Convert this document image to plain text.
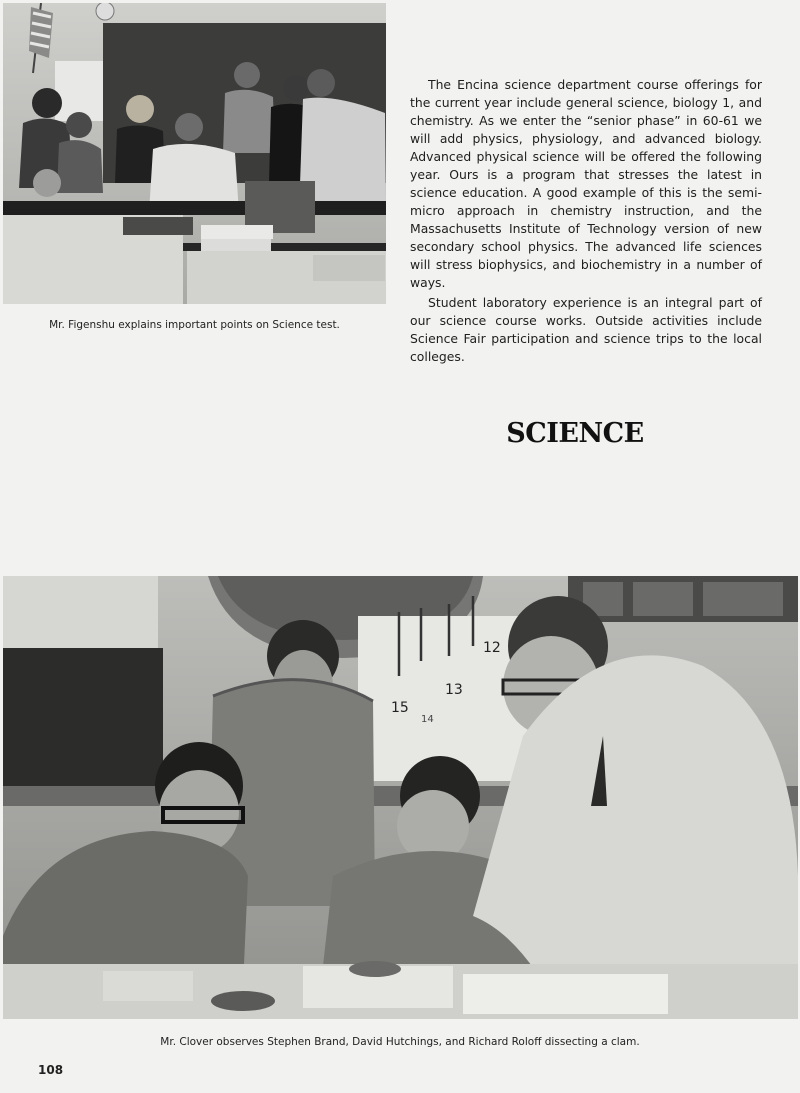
Mr. Figenshu explains important points on Science test.

The Encina science department course offerings for the current year include general science, biology 1, and chemistry. As we enter the “senior phase” in 60-61 we will add physics, physiology, and advanced biology. Advanced physical science will be offered the following year. Ours is a program that stresses the latest in science education. A good example of this is the semi-micro approach in chemistry instruction, and the Massachusetts Institute of Technology version of new secondary school physics. The advanced life sciences will stress biophysics, and biochemistry in a number of ways.

Student laboratory experience is an integral part of our science course works. Outside activities include Science Fair participation and science trips to the local colleges.

SCIENCE
12
13
14
15
Mr. Clover observes Stephen Brand, David Hutchings, and Richard Roloff dissecting a clam.
108
